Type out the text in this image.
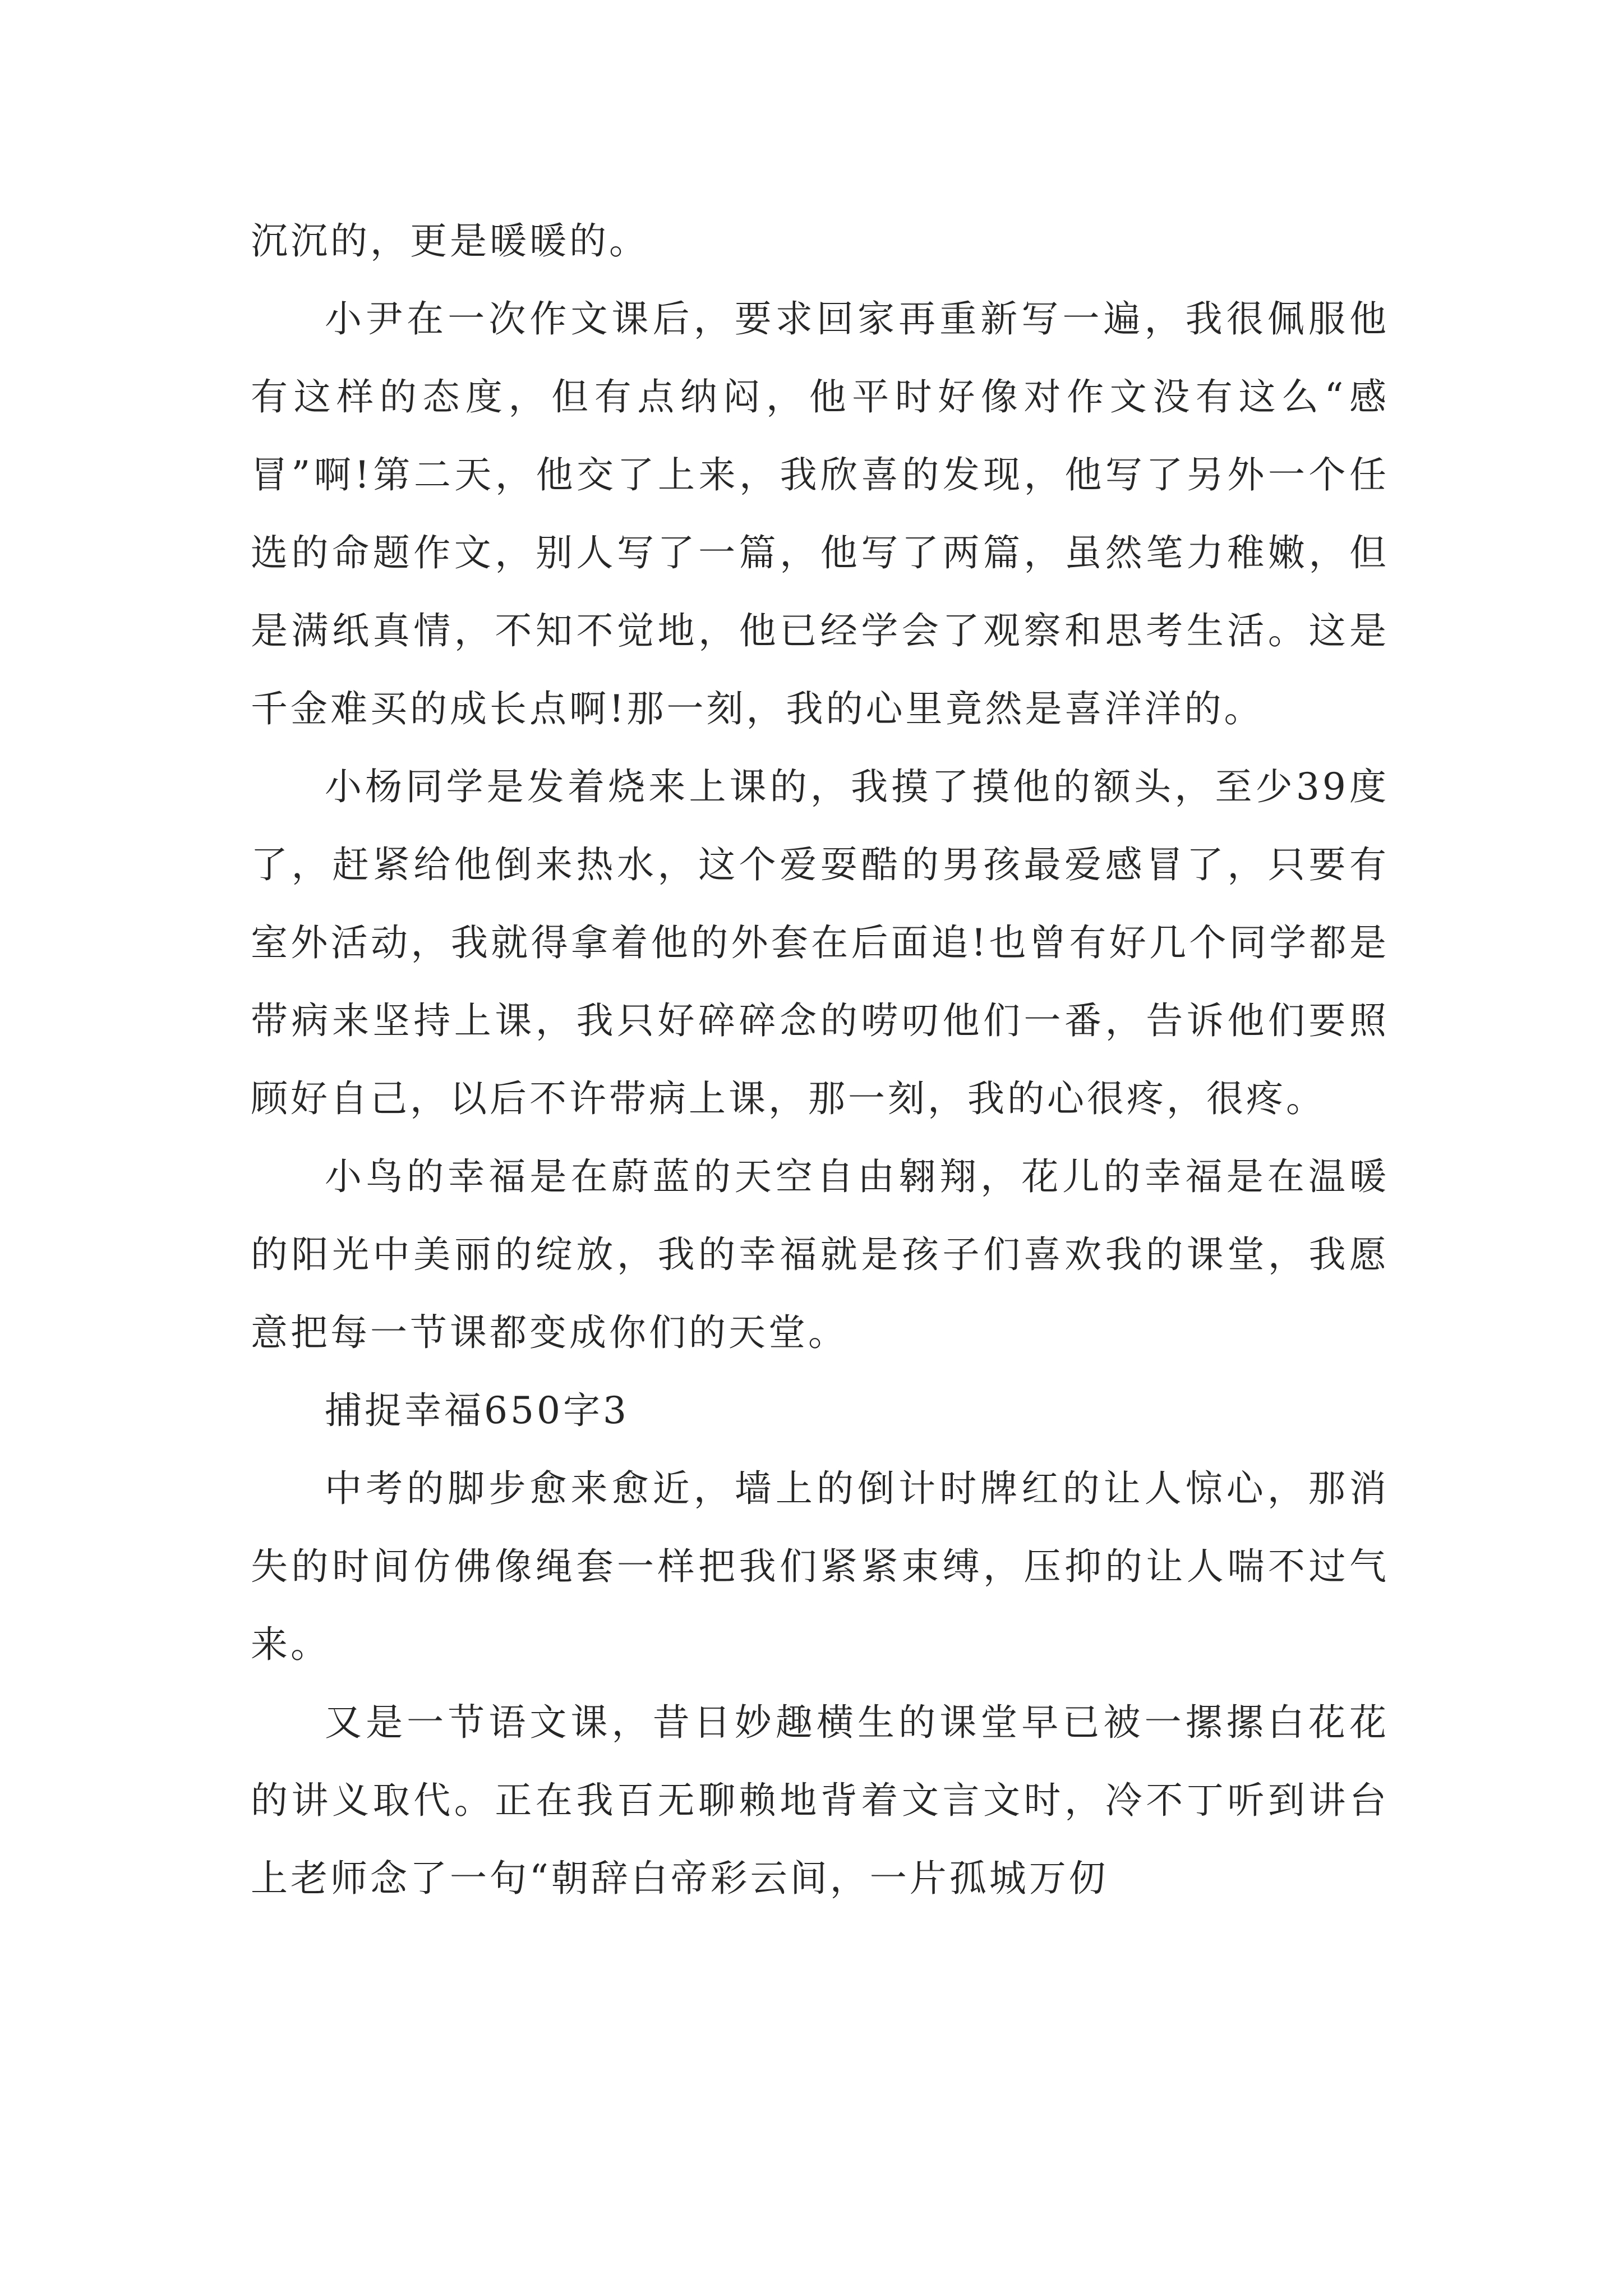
沉沉的，更是暖暖的。

小尹在一次作文课后，要求回家再重新写一遍，我很佩服他有这样的态度，但有点纳闷，他平时好像对作文没有这么“感冒”啊!第二天，他交了上来，我欣喜的发现，他写了另外一个任选的命题作文，别人写了一篇，他写了两篇，虽然笔力稚嫩，但是满纸真情，不知不觉地，他已经学会了观察和思考生活。这是千金难买的成长点啊!那一刻，我的心里竟然是喜洋洋的。

小杨同学是发着烧来上课的，我摸了摸他的额头，至少39度了，赶紧给他倒来热水，这个爱耍酷的男孩最爱感冒了，只要有室外活动，我就得拿着他的外套在后面追!也曾有好几个同学都是带病来坚持上课，我只好碎碎念的唠叨他们一番，告诉他们要照顾好自己，以后不许带病上课，那一刻，我的心很疼，很疼。

小鸟的幸福是在蔚蓝的天空自由翱翔，花儿的幸福是在温暖的阳光中美丽的绽放，我的幸福就是孩子们喜欢我的课堂，我愿意把每一节课都变成你们的天堂。

捕捉幸福650字3

中考的脚步愈来愈近，墙上的倒计时牌红的让人惊心，那消失的时间仿佛像绳套一样把我们紧紧束缚，压抑的让人喘不过气来。

又是一节语文课，昔日妙趣横生的课堂早已被一摞摞白花花的讲义取代。正在我百无聊赖地背着文言文时，冷不丁听到讲台上老师念了一句“朝辞白帝彩云间，一片孤城万仞
